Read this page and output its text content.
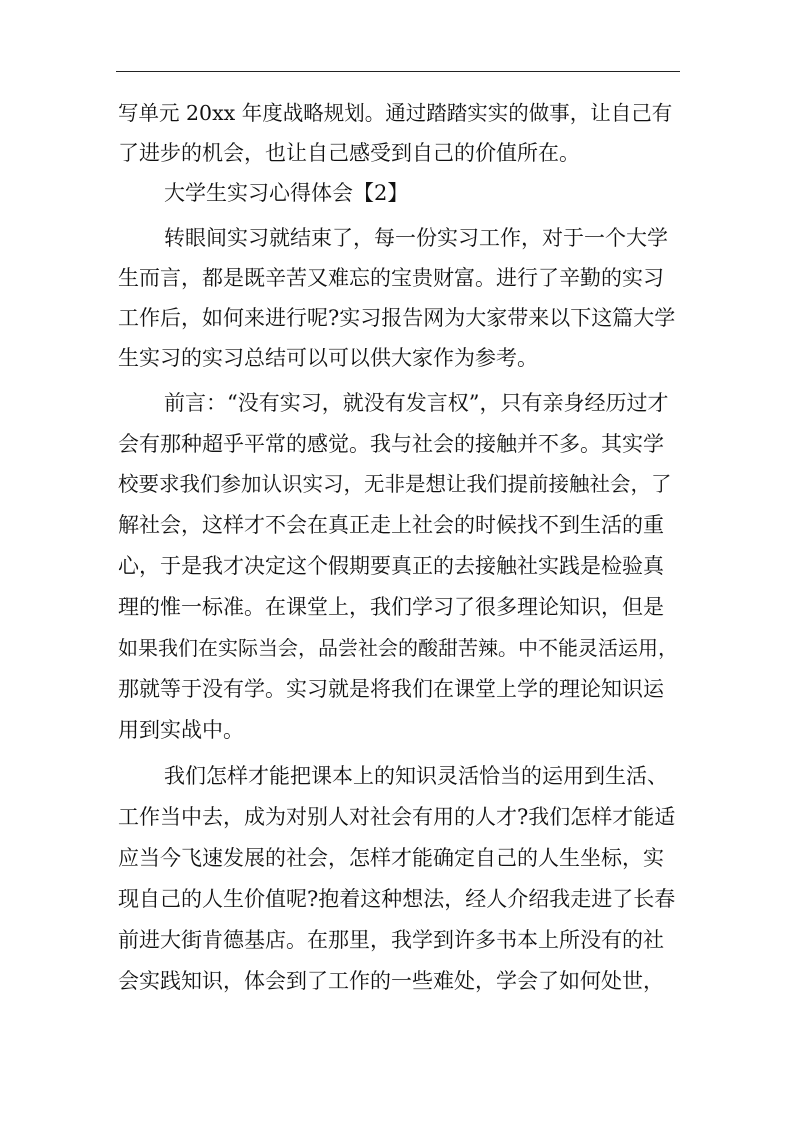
写单元 20xx 年度战略规划。通过踏踏实实的做事，让自己有
了进步的机会，也让自己感受到自己的价值所在。
大学生实习心得体会【2】
转眼间实习就结束了，每一份实习工作，对于一个大学
生而言，都是既辛苦又难忘的宝贵财富。进行了辛勤的实习
工作后，如何来进行呢?实习报告网为大家带来以下这篇大学
生实习的实习总结可以可以供大家作为参考。
前言：“没有实习，就没有发言权”，只有亲身经历过才
会有那种超乎平常的感觉。我与社会的接触并不多。其实学
校要求我们参加认识实习，无非是想让我们提前接触社会，了
解社会，这样才不会在真正走上社会的时候找不到生活的重
心，于是我才决定这个假期要真正的去接触社实践是检验真
理的惟一标准。在课堂上，我们学习了很多理论知识，但是
如果我们在实际当会，品尝社会的酸甜苦辣。中不能灵活运用，
那就等于没有学。实习就是将我们在课堂上学的理论知识运
用到实战中。
我们怎样才能把课本上的知识灵活恰当的运用到生活、
工作当中去，成为对别人对社会有用的人才?我们怎样才能适
应当今飞速发展的社会，怎样才能确定自己的人生坐标，实
现自己的人生价值呢?抱着这种想法，经人介绍我走进了长春
前进大街肯德基店。在那里，我学到许多书本上所没有的社
会实践知识，体会到了工作的一些难处，学会了如何处世，
